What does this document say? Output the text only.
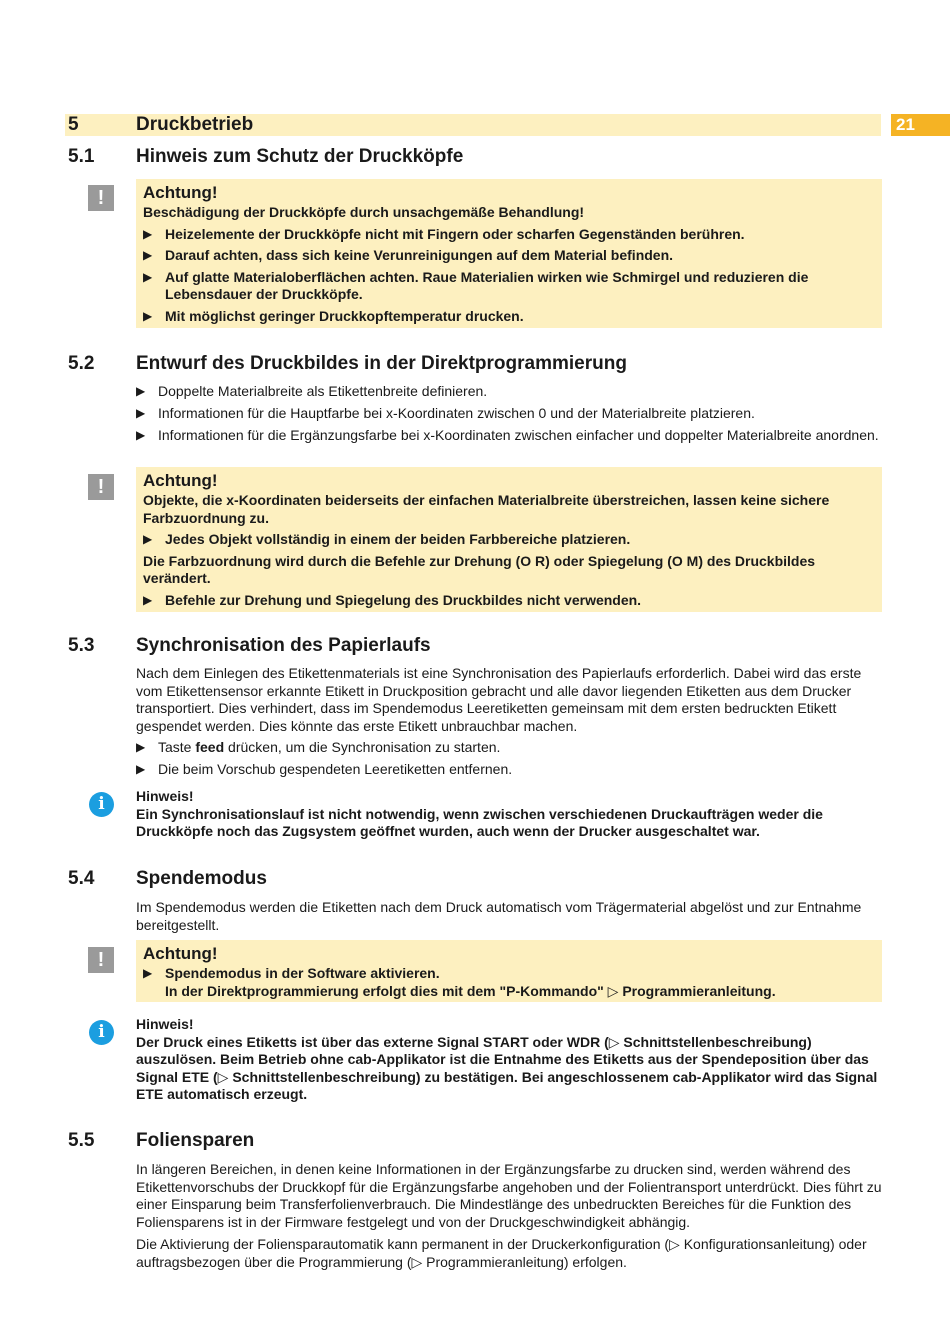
5	Druckbetrieb	21
5.1 Hinweis zum Schutz der Druckköpfe
!	Achtung!
Beschädigung der Druckköpfe durch unsachgemäße Behandlung!
▶ Heizelemente der Druckköpfe nicht mit Fingern oder scharfen Gegenständen berühren.
▶ Darauf achten, dass sich keine Verunreinigungen auf dem Material befinden.
▶ Auf glatte Materialoberflächen achten. Raue Materialien wirken wie Schmirgel und reduzieren die Lebensdauer der Druckköpfe.
▶ Mit möglichst geringer Druckkopftemperatur drucken.
5.2 Entwurf des Druckbildes in der Direktprogrammierung
▶ Doppelte Materialbreite als Etikettenbreite definieren.
▶ Informationen für die Hauptfarbe bei x-Koordinaten zwischen 0 und der Materialbreite platzieren.
▶ Informationen für die Ergänzungsfarbe bei x-Koordinaten zwischen einfacher und doppelter Materialbreite anordnen.
!	Achtung!
Objekte, die x-Koordinaten beiderseits der einfachen Materialbreite überstreichen, lassen keine sichere Farbzuordnung zu.
▶ Jedes Objekt vollständig in einem der beiden Farbbereiche platzieren.
Die Farbzuordnung wird durch die Befehle zur Drehung (O R) oder Spiegelung (O M) des Druckbildes verändert.
▶ Befehle zur Drehung und Spiegelung des Druckbildes nicht verwenden.
5.3 Synchronisation des Papierlaufs

Nach dem Einlegen des Etikettenmaterials ist eine Synchronisation des Papierlaufs erforderlich. Dabei wird das erste vom Etikettensensor erkannte Etikett in Druckposition gebracht und alle davor liegenden Etiketten aus dem Drucker transportiert. Dies verhindert, dass im Spendemodus Leeretiketten gemeinsam mit dem ersten bedruckten Etikett gespendet werden. Dies könnte das erste Etikett unbrauchbar machen.

▶ Taste feed drücken, um die Synchronisation zu starten.
▶ Die beim Vorschub gespendeten Leeretiketten entfernen.
i	Hinweis!
Ein Synchronisationslauf ist nicht notwendig, wenn zwischen verschiedenen Druckaufträgen weder die Druckköpfe noch das Zugsystem geöffnet wurden, auch wenn der Drucker ausgeschaltet war.
5.4 Spendemodus

Im Spendemodus werden die Etiketten nach dem Druck automatisch vom Trägermaterial abgelöst und zur Entnahme bereitgestellt.

!	Achtung!
▶ Spendemodus in der Software aktivieren.
In der Direktprogrammierung erfolgt dies mit dem "P-Kommando" ▷ Programmieranleitung.
i	Hinweis!
Der Druck eines Etiketts ist über das externe Signal START oder WDR (▷ Schnittstellenbeschreibung) auszulösen. Beim Betrieb ohne cab-Applikator ist die Entnahme des Etiketts aus der Spendeposition über das Signal ETE (▷ Schnittstellenbeschreibung) zu bestätigen. Bei angeschlossenem cab-Applikator wird das Signal ETE automatisch erzeugt.
5.5 Foliensparen

In längeren Bereichen, in denen keine Informationen in der Ergänzungsfarbe zu drucken sind, werden während des Etikettenvorschubs der Druckkopf für die Ergänzungsfarbe angehoben und der Folientransport unterdrückt. Dies führt zu einer Einsparung beim Transferfolienverbrauch. Die Mindestlänge des unbedruckten Bereiches für die Funktion des Foliensparens ist in der Firmware festgelegt und von der Druckgeschwindigkeit abhängig.

Die Aktivierung der Foliensparautomatik kann permanent in der Druckerkonfiguration (▷ Konfigurationsanleitung) oder auftragsbezogen über die Programmierung (▷ Programmieranleitung) erfolgen.
